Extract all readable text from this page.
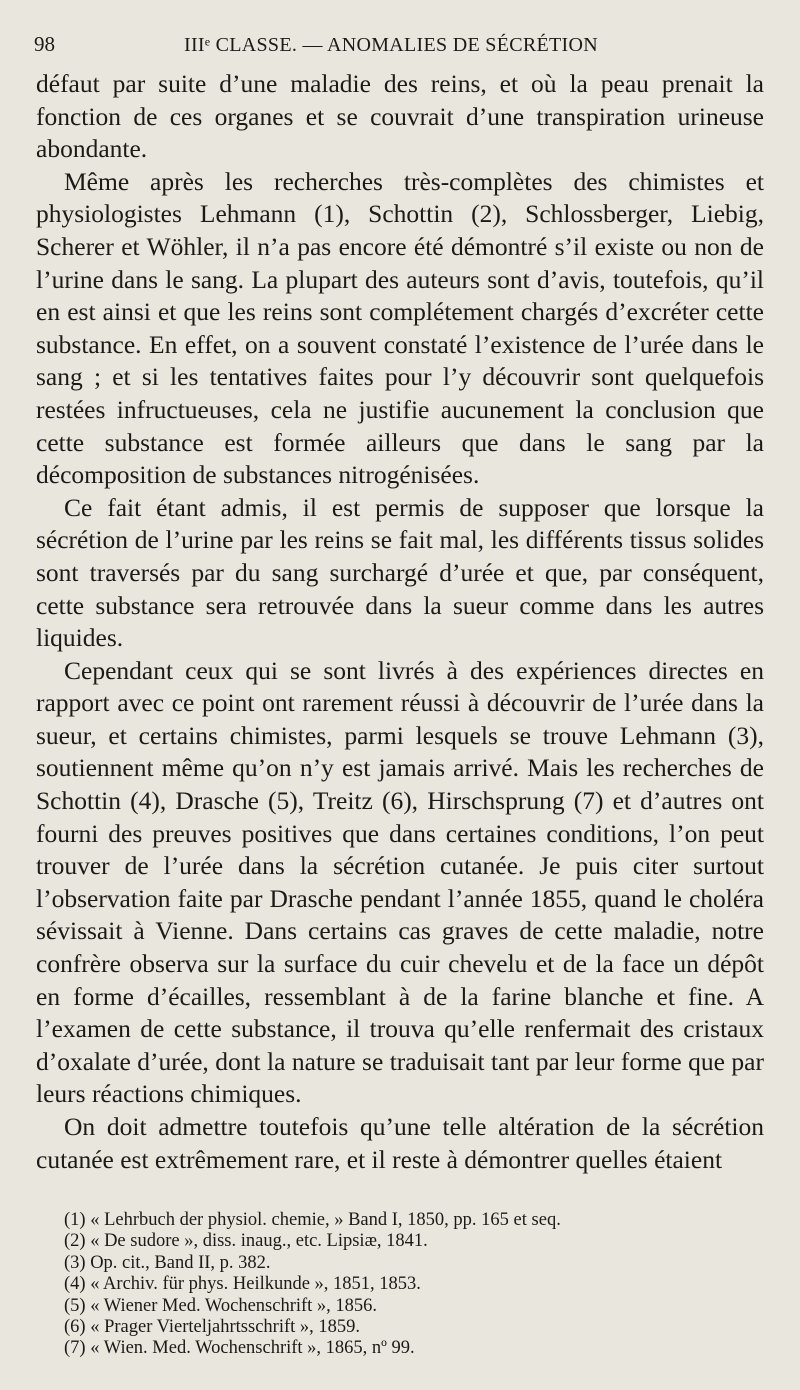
98	IIIᵉ CLASSE. — ANOMALIES DE SÉCRÉTION

défaut par suite d’une maladie des reins, et où la peau prenait la fonction de ces organes et se couvrait d’une transpiration urineuse abondante.

Même après les recherches très-complètes des chimistes et physiologistes Lehmann (1), Schottin (2), Schlossberger, Liebig, Scherer et Wöhler, il n’a pas encore été démontré s’il existe ou non de l’urine dans le sang. La plupart des auteurs sont d’avis, toutefois, qu’il en est ainsi et que les reins sont complétement chargés d’excréter cette substance. En effet, on a souvent constaté l’existence de l’urée dans le sang ; et si les tentatives faites pour l’y découvrir sont quelquefois restées infructueuses, cela ne justifie aucunement la conclusion que cette substance est formée ailleurs que dans le sang par la décomposition de substances nitrogénisées.

Ce fait étant admis, il est permis de supposer que lorsque la sécrétion de l’urine par les reins se fait mal, les différents tissus solides sont traversés par du sang surchargé d’urée et que, par conséquent, cette substance sera retrouvée dans la sueur comme dans les autres liquides.

Cependant ceux qui se sont livrés à des expériences directes en rapport avec ce point ont rarement réussi à découvrir de l’urée dans la sueur, et certains chimistes, parmi lesquels se trouve Lehmann (3), soutiennent même qu’on n’y est jamais arrivé. Mais les recherches de Schottin (4), Drasche (5), Treitz (6), Hirschsprung (7) et d’autres ont fourni des preuves positives que dans certaines conditions, l’on peut trouver de l’urée dans la sécrétion cutanée. Je puis citer surtout l’observation faite par Drasche pendant l’année 1855, quand le choléra sévissait à Vienne. Dans certains cas graves de cette maladie, notre confrère observa sur la surface du cuir chevelu et de la face un dépôt en forme d’écailles, ressemblant à de la farine blanche et fine. A l’examen de cette substance, il trouva qu’elle renfermait des cristaux d’oxalate d’urée, dont la nature se traduisait tant par leur forme que par leurs réactions chimiques.

On doit admettre toutefois qu’une telle altération de la sécrétion cutanée est extrêmement rare, et il reste à démontrer quelles étaient

(1) « Lehrbuch der physiol. chemie, » Band I, 1850, pp. 165 et seq.
(2) « De sudore », diss. inaug., etc. Lipsiæ, 1841.
(3) Op. cit., Band II, p. 382.
(4) « Archiv. für phys. Heilkunde », 1851, 1853.
(5) « Wiener Med. Wochenschrift », 1856.
(6) « Prager Vierteljahrtsschrift », 1859.
(7) « Wien. Med. Wochenschrift », 1865, nº 99.
